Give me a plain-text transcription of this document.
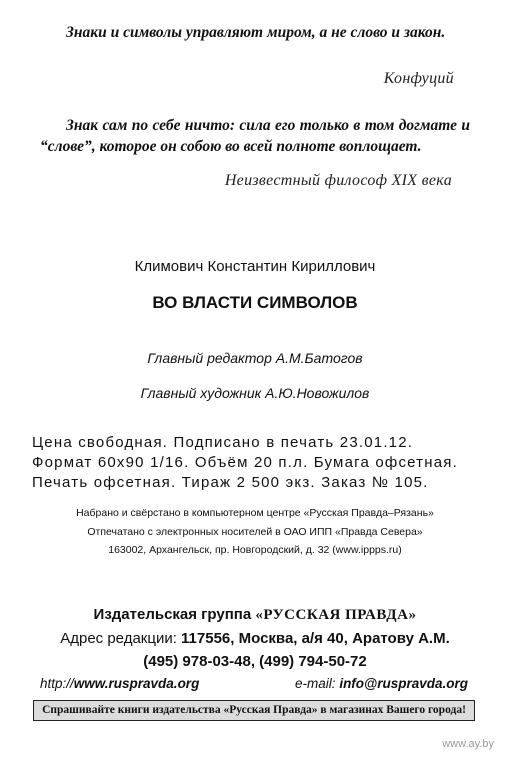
Знаки и символы управляют миром, а не слово и закон.

Конфуций

Знак сам по себе ничто: сила его только в том догмате и “слове”, которое он собою во всей полноте воплощает.

Неизвестный философ XIX века
Климович Константин Кириллович
ВО ВЛАСТИ СИМВОЛОВ
Главный редактор А.М.Батогов
Главный художник А.Ю.Новожилов
Цена свободная. Подписано в печать 23.01.12.
Формат 60х90 1/16. Объём 20 п.л. Бумага офсетная.
Печать офсетная. Тираж 2 500 экз. Заказ № 105.
Набрано и свёрстано в компьютерном центре «Русская Правда–Рязань»
Отпечатано с электронных носителей в ОАО ИПП «Правда Севера»
163002, Архангельск, пр. Новгородский, д. 32 (www.ippps.ru)
Издательская группа «РУССКАЯ ПРАВДА»
Адрес редакции: 117556, Москва, а/я 40, Аратову А.М.
(495) 978-03-48, (499) 794-50-72
http://www.ruspravda.org	e-mail: info@ruspravda.org
Спрашивайте книги издательства «Русская Правда» в магазинах Вашего города!
www.ay.by
